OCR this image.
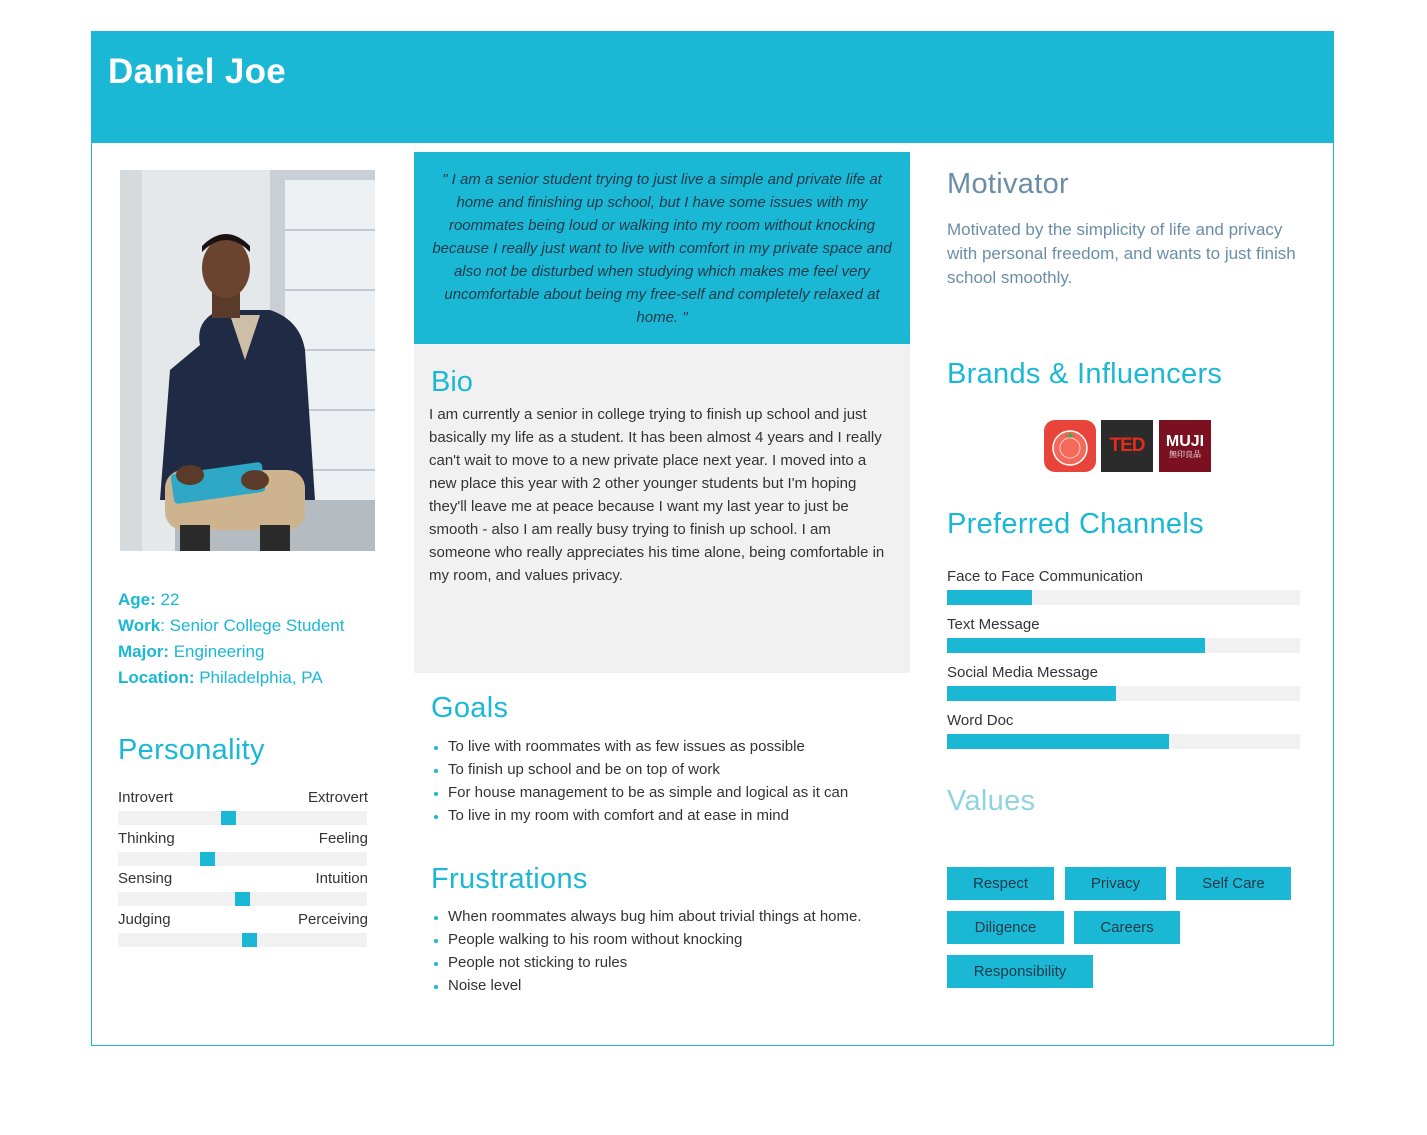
Daniel Joe
Age: 22
Work: Senior College Student
Major: Engineering
Location: Philadelphia, PA
Personality
Introvert	Extrovert
Thinking	Feeling
Sensing	Intuition
Judging	Perceiving
" I am a senior student trying to just live a simple and private life at home and finishing up school, but I have some issues with my roommates being loud or walking into my room without knocking because I really just want to live with comfort in my private space and also not be disturbed when studying which makes me feel very uncomfortable about being my free-self and completely relaxed at home. "
Bio

I am currently a senior in college trying to finish up school and just basically my life as a student. It has been almost 4 years and I really can't wait to move to a new private place next year. I moved into a new place this year with 2 other younger students but I'm hoping they'll leave me at peace because I want my last year to just be smooth - also I am really busy trying to finish up school. I am someone who really appreciates his time alone, being comfortable in my room, and values privacy.

Goals
To live with roommates with as few issues as possible
To finish up school and be on top of work
For house management to be as simple and logical as it can
To live in my room with comfort and at ease in mind
Frustrations
When roommates always bug him about trivial things at home.
People walking to his room without knocking
People not sticking to rules
Noise level
Motivator
Motivated by the simplicity of life and privacy with personal freedom, and wants to just finish school smoothly.
Brands & Influencers
TED MUJI
無印良品
Preferred Channels
Face to Face Communication
Text Message
Social Media Message
Word Doc
Values
Respect	Privacy	Self Care
Diligence	Careers
Responsibility
